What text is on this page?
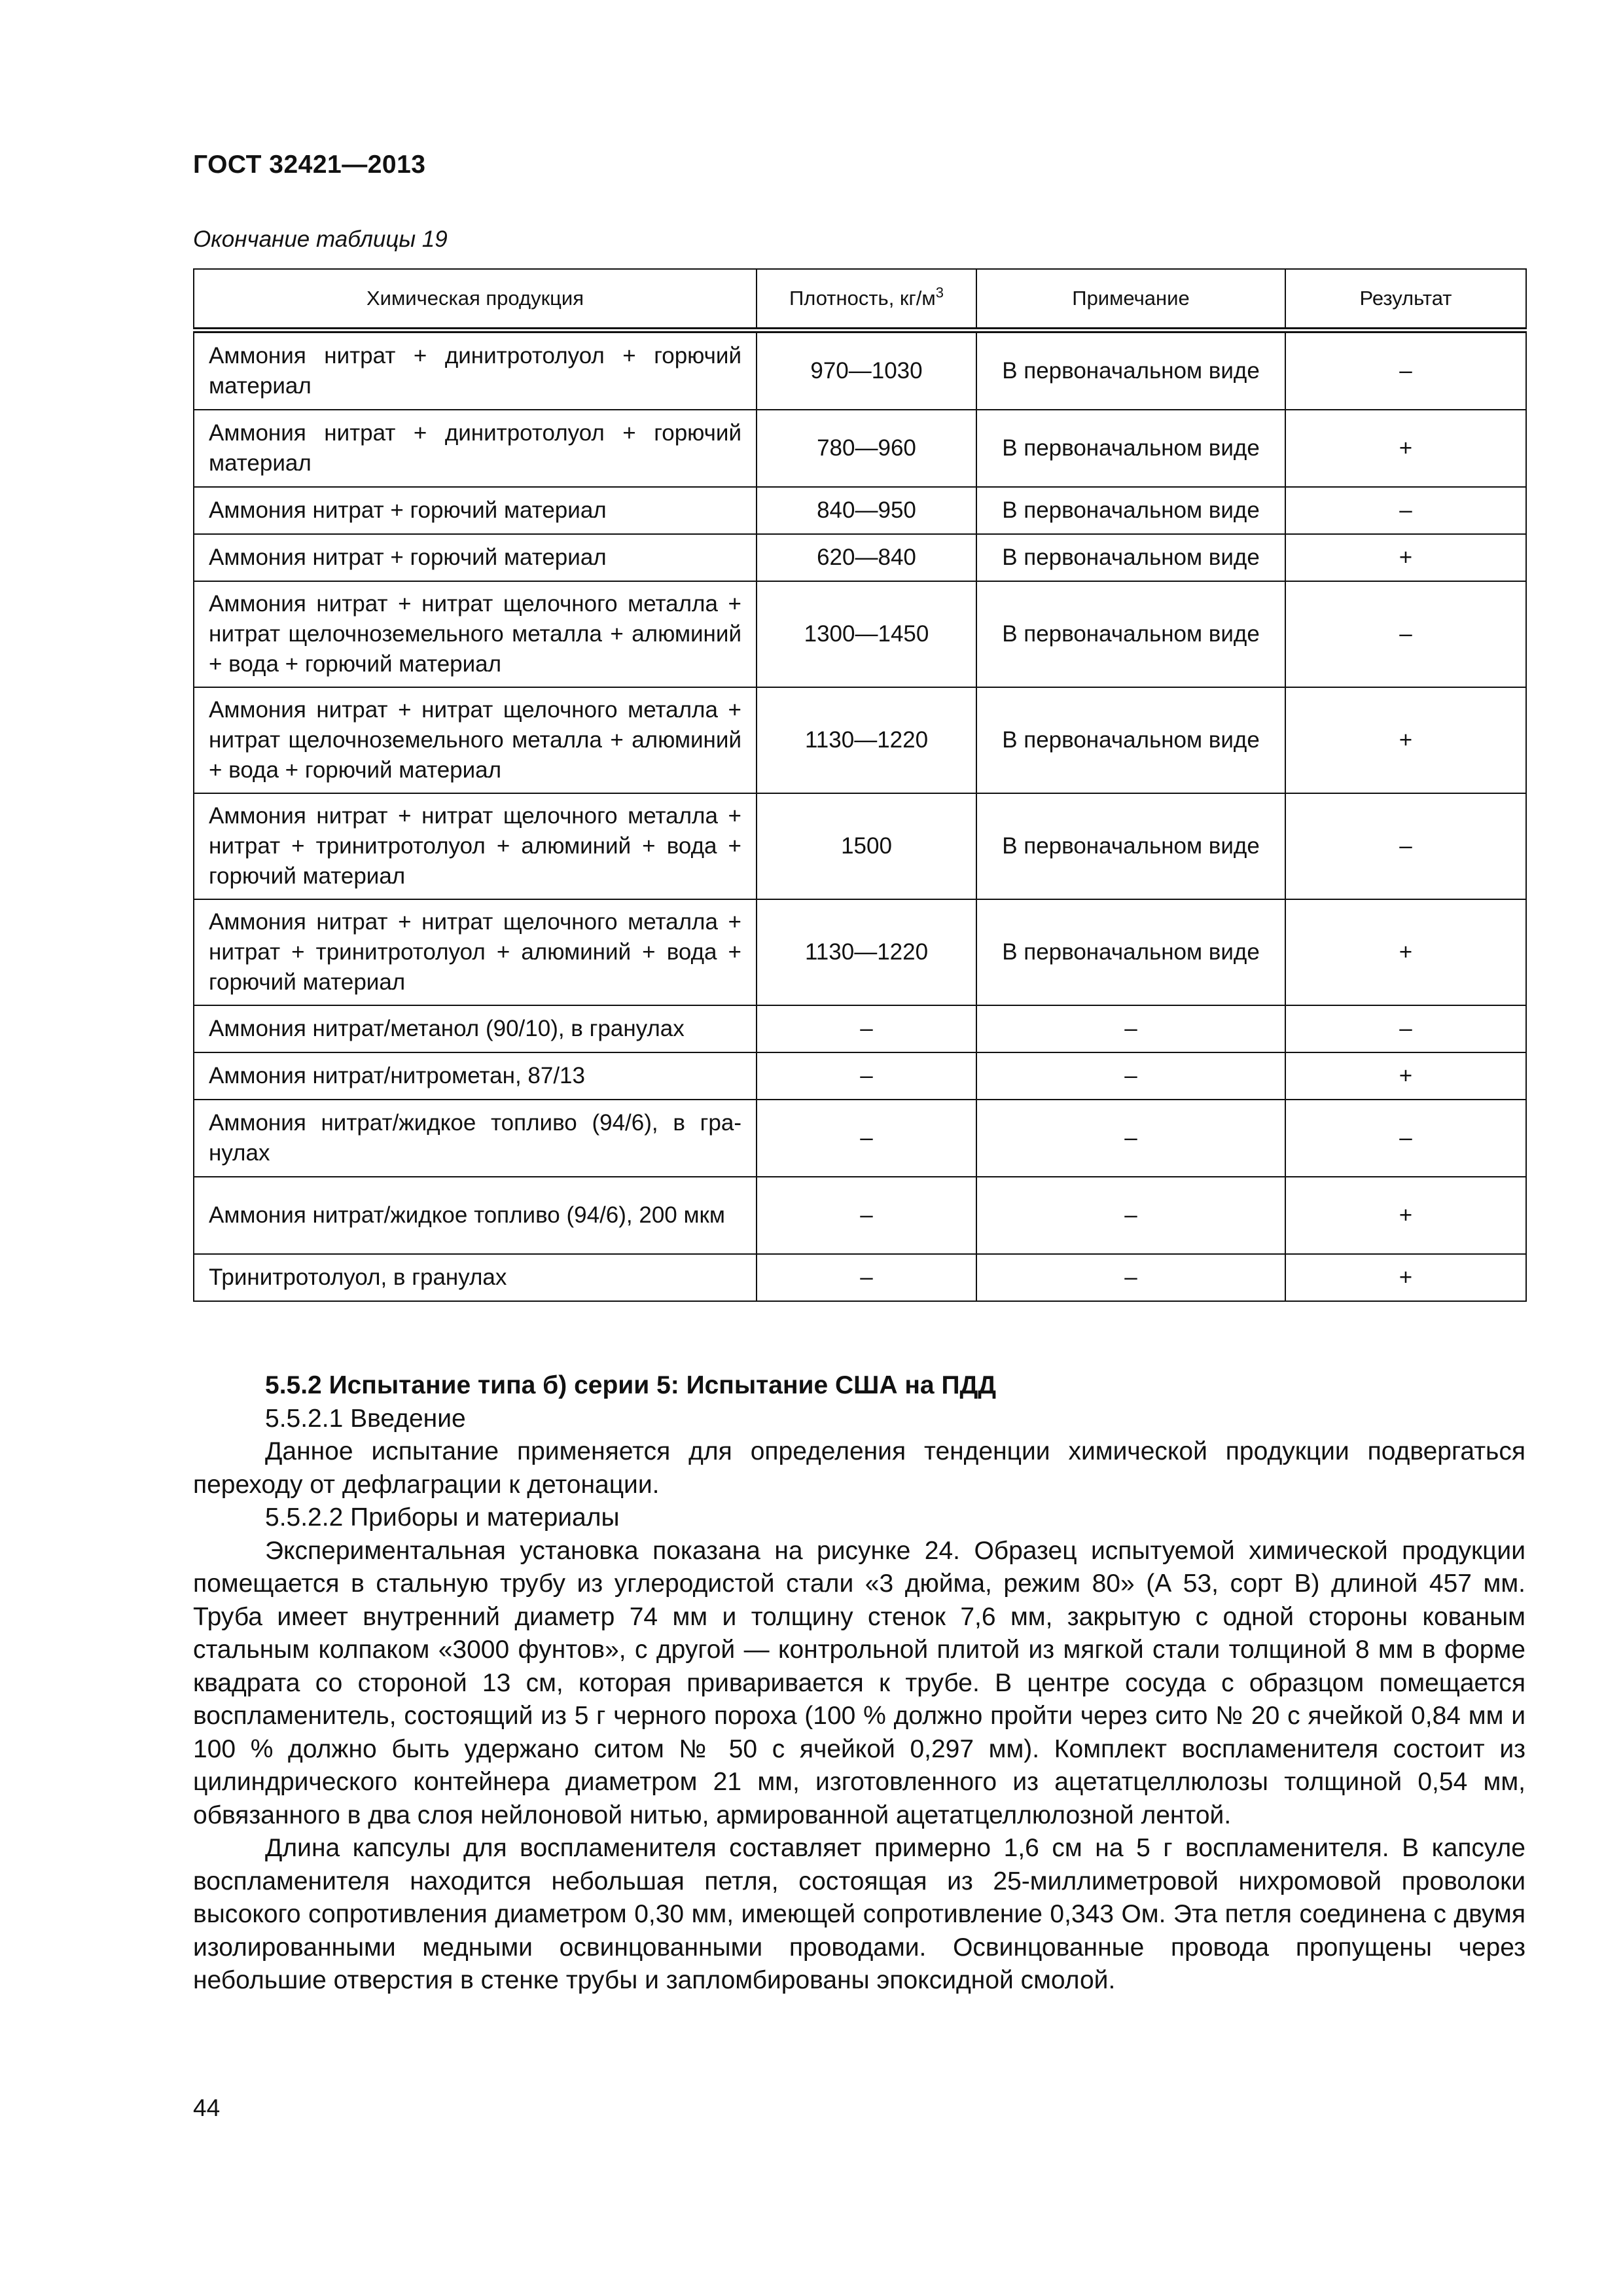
ГОСТ 32421—2013
Окончание таблицы 19
Химическая продукция	Плотность, $кг/м^3$	Примечание	Результат
Аммония нитрат + динитротолуол + горючий материал	970—1030	В первоначальном виде	–
Аммония нитрат + динитротолуол + горючий материал	780—960	В первоначальном виде	+
Аммония нитрат + горючий материал	840—950	В первоначальном виде	–
Аммония нитрат + горючий материал	620—840	В первоначальном виде	+
Аммония нитрат + нитрат щелочного металла + нитрат щелочноземельного металла + алюминий + вода + горючий материал	1300—1450	В первоначальном виде	–
Аммония нитрат + нитрат щелочного металла + нитрат щелочноземельного металла + алюминий + вода + горючий материал	1130—1220	В первоначальном виде	+
Аммония нитрат + нитрат щелочного металла + нитрат + тринитротолуол + алюминий + вода + горючий материал	1500	В первоначальном виде	–
Аммония нитрат + нитрат щелочного металла + нитрат + тринитротолуол + алюминий + вода + горючий материал	1130—1220	В первоначальном виде	+
Аммония нитрат/метанол (90/10), в гранулах	–	–	–
Аммония нитрат/нитрометан, 87/13	–	–	+
Аммония нитрат/жидкое топливо (94/6), в гранулах	–	–	–
Аммония нитрат/жидкое топливо (94/6), 200 мкм	–	–	+
Тринитротолуол, в гранулах	–	–	+

5.5.2 Испытание типа б) серии 5: Испытание США на ПДД

5.5.2.1 Введение

Данное испытание применяется для определения тенденции химической продукции подвергаться переходу от дефлаграции к детонации.

5.5.2.2 Приборы и материалы

Экспериментальная установка показана на рисунке 24. Образец испытуемой химической продукции помещается в стальную трубу из углеродистой стали «3 дюйма, режим 80» (А 53, сорт В) длиной 457 мм. Труба имеет внутренний диаметр 74 мм и толщину стенок 7,6 мм, закрытую с одной стороны кованым стальным колпаком «3000 фунтов», с другой — контрольной плитой из мягкой стали толщиной 8 мм в форме квадрата со стороной 13 см, которая приваривается к трубе. В центре сосуда с образцом помещается воспламенитель, состоящий из 5 г черного пороха (100 % должно пройти через сито № 20 с ячейкой 0,84 мм и 100 % должно быть удержано ситом № 50 с ячейкой 0,297 мм). Комплект воспламенителя состоит из цилиндрического контейнера диаметром 21 мм, изготовленного из ацетатцеллюлозы толщиной 0,54 мм, обвязанного в два слоя нейлоновой нитью, армированной ацетатцеллюлозной лентой.

Длина капсулы для воспламенителя составляет примерно 1,6 см на 5 г воспламенителя. В капсуле воспламенителя находится небольшая петля, состоящая из 25-миллиметровой нихромовой проволоки высокого сопротивления диаметром 0,30 мм, имеющей сопротивление 0,343 Ом. Эта петля соединена с двумя изолированными медными освинцованными проводами. Освинцованные провода пропущены через небольшие отверстия в стенке трубы и запломбированы эпоксидной смолой.

44
